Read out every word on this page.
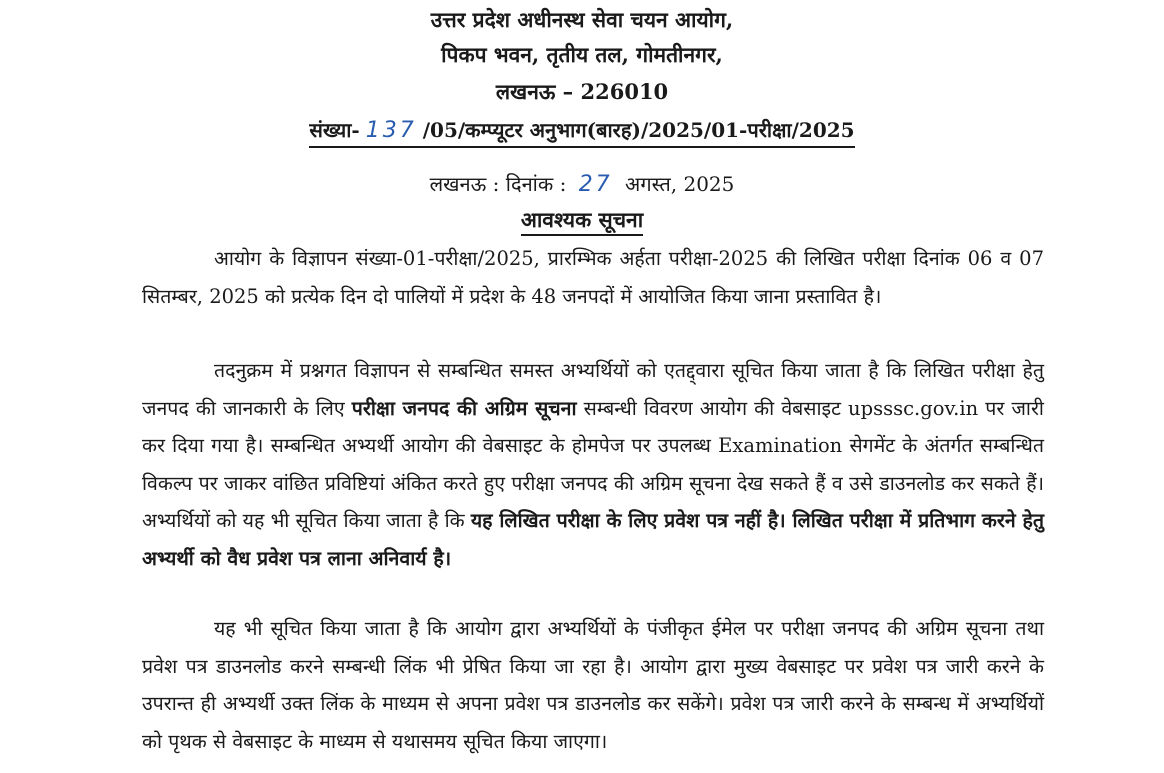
उत्तर प्रदेश अधीनस्थ सेवा चयन आयोग,
पिकप भवन, तृतीय तल, गोमतीनगर,
लखनऊ – 226010
संख्या- 137 /05/कम्प्यूटर अनुभाग(बारह)/2025/01-परीक्षा/2025
लखनऊ : दिनांक : 27 अगस्त, 2025
आवश्यक सूचना
आयोग के विज्ञापन संख्या-01-परीक्षा/2025, प्रारम्भिक अर्हता परीक्षा-2025 की लिखित परीक्षा दिनांक 06 व 07 सितम्बर, 2025 को प्रत्येक दिन दो पालियों में प्रदेश के 48 जनपदों में आयोजित किया जाना प्रस्तावित है।
तदनुक्रम में प्रश्नगत विज्ञापन से सम्बन्धित समस्त अभ्यर्थियों को एतद्द्वारा सूचित किया जाता है कि लिखित परीक्षा हेतु जनपद की जानकारी के लिए परीक्षा जनपद की अग्रिम सूचना सम्बन्धी विवरण आयोग की वेबसाइट upsssc.gov.in पर जारी कर दिया गया है। सम्बन्धित अभ्यर्थी आयोग की वेबसाइट के होमपेज पर उपलब्ध Examination सेगमेंट के अंतर्गत सम्बन्धित विकल्प पर जाकर वांछित प्रविष्टियां अंकित करते हुए परीक्षा जनपद की अग्रिम सूचना देख सकते हैं व उसे डाउनलोड कर सकते हैं। अभ्यर्थियों को यह भी सूचित किया जाता है कि यह लिखित परीक्षा के लिए प्रवेश पत्र नहीं है। लिखित परीक्षा में प्रतिभाग करने हेतु अभ्यर्थी को वैध प्रवेश पत्र लाना अनिवार्य है।
यह भी सूचित किया जाता है कि आयोग द्वारा अभ्यर्थियों के पंजीकृत ईमेल पर परीक्षा जनपद की अग्रिम सूचना तथा प्रवेश पत्र डाउनलोड करने सम्बन्धी लिंक भी प्रेषित किया जा रहा है। आयोग द्वारा मुख्य वेबसाइट पर प्रवेश पत्र जारी करने के उपरान्त ही अभ्यर्थी उक्त लिंक के माध्यम से अपना प्रवेश पत्र डाउनलोड कर सकेंगे। प्रवेश पत्र जारी करने के सम्बन्ध में अभ्यर्थियों को पृथक से वेबसाइट के माध्यम से यथासमय सूचित किया जाएगा।
